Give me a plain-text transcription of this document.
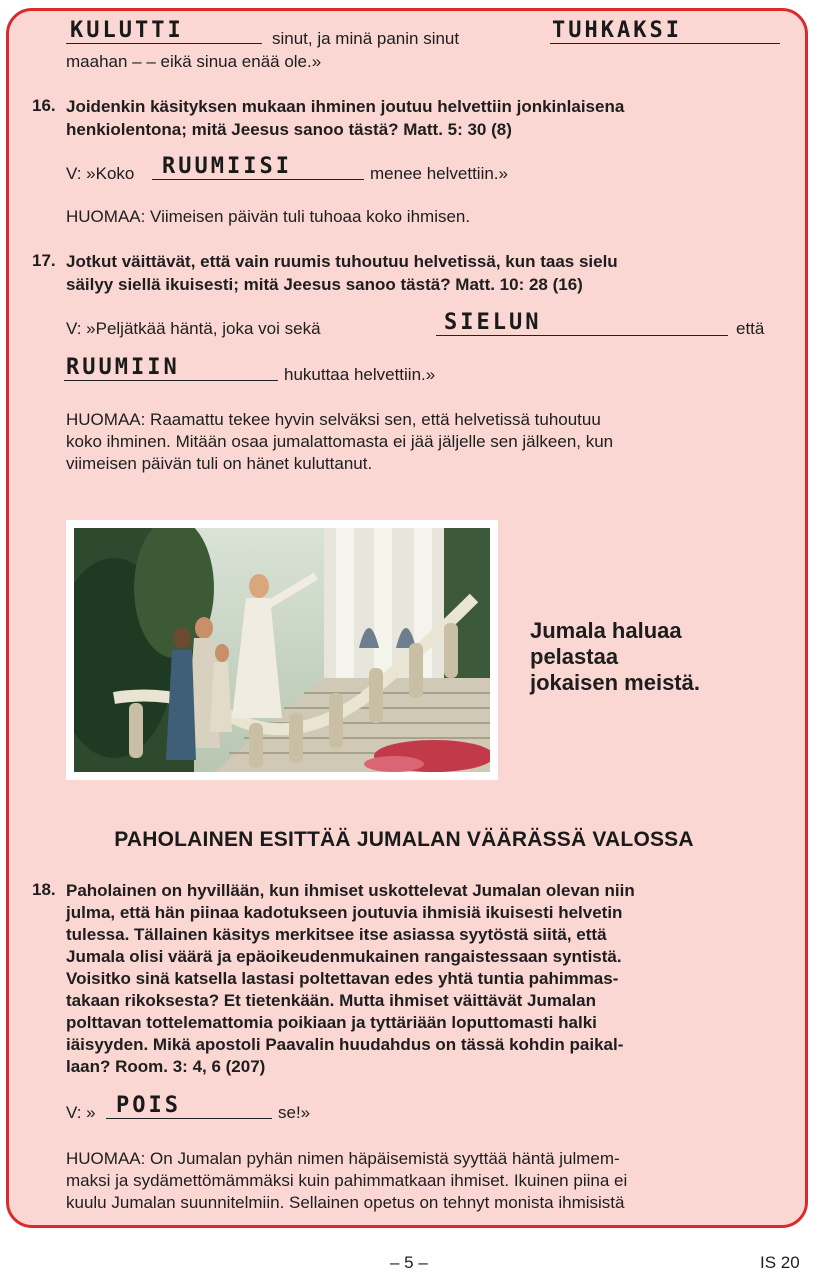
KULUTTI	sinut, ja minä panin sinut	TUHKAKSI
maahan – – eikä sinua enää ole.»
16. Joidenkin käsityksen mukaan ihminen joutuu helvettiin jonkinlaisena
henkiolentona; mitä Jeesus sanoo tästä? Matt. 5: 30 (8)
V: »Koko RUUMIISI	menee helvettiin.»
HUOMAA: Viimeisen päivän tuli tuhoaa koko ihmisen.
17. Jotkut väittävät, että vain ruumis tuhoutuu helvetissä, kun taas sielu
säilyy siellä ikuisesti; mitä Jeesus sanoo tästä? Matt. 10: 28 (16)
V: »Peljätkää häntä, joka voi sekä	SIELUN	että
RUUMIIN	hukuttaa helvettiin.»
HUOMAA: Raamattu tekee hyvin selväksi sen, että helvetissä tuhoutuu
koko ihminen. Mitään osaa jumalattomasta ei jää jäljelle sen jälkeen, kun
viimeisen päivän tuli on hänet kuluttanut.
Jumala haluaa
pelastaa
jokaisen meistä.
PAHOLAINEN ESITTÄÄ JUMALAN VÄÄRÄSSÄ VALOSSA
18. Paholainen on hyvillään, kun ihmiset uskottelevat Jumalan olevan niin
julma, että hän piinaa kadotukseen joutuvia ihmisiä ikuisesti helvetin
tulessa. Tällainen käsitys merkitsee itse asiassa syytöstä siitä, että
Jumala olisi väärä ja epäoikeudenmukainen rangaistessaan syntistä.
Voisitko sinä katsella lastasi poltettavan edes yhtä tuntia pahimmas-
takaan rikoksesta? Et tietenkään. Mutta ihmiset väittävät Jumalan
polttavan tottelemattomia poikiaan ja tyttäriään loputtomasti halki
iäisyyden. Mikä apostoli Paavalin huudahdus on tässä kohdin paikal-
laan? Room. 3: 4, 6 (207)
V: » POIS	se!»
HUOMAA: On Jumalan pyhän nimen häpäisemistä syyttää häntä julmem-
maksi ja sydämettömämmäksi kuin pahimmatkaan ihmiset. Ikuinen piina ei
kuulu Jumalan suunnitelmiin. Sellainen opetus on tehnyt monista ihmisistä
– 5 –	IS 20
